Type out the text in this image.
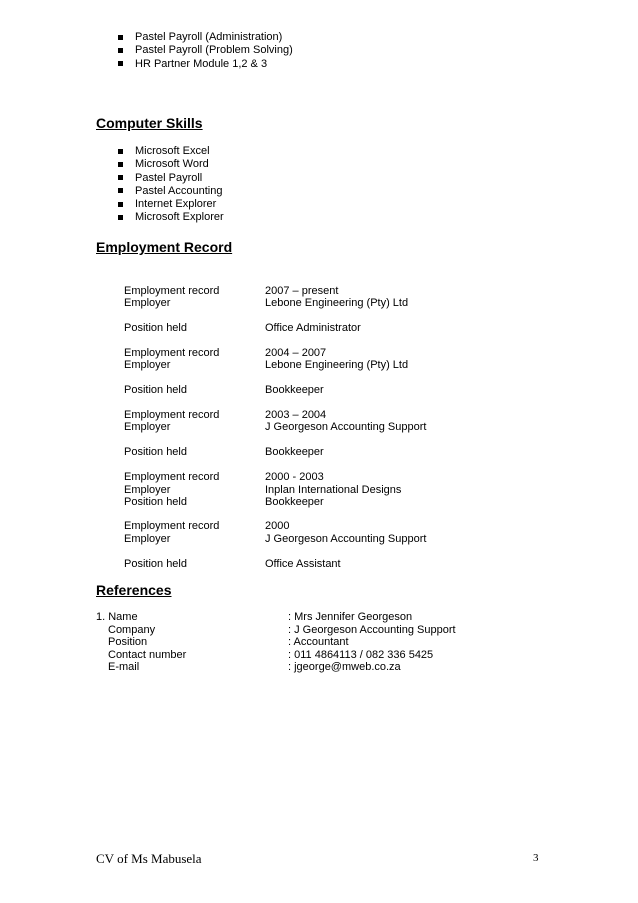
Pastel Payroll (Administration)
Pastel Payroll (Problem Solving)
HR Partner Module 1,2 & 3
Computer Skills
Microsoft Excel
Microsoft Word
Pastel Payroll
Pastel Accounting
Internet Explorer
Microsoft Explorer
Employment Record
Employment record	2007 – present
Employer	Lebone Engineering (Pty) Ltd
Position held	Office Administrator
Employment record	2004 – 2007
Employer	Lebone Engineering (Pty) Ltd
Position held	Bookkeeper
Employment record	2003 – 2004
Employer	J Georgeson Accounting Support
Position held	Bookkeeper
Employment record	2000 - 2003
Employer	Inplan International Designs
Position held	Bookkeeper
Employment record	2000
Employer	J Georgeson Accounting Support
Position held	Office Assistant
References
1. Name	: Mrs Jennifer Georgeson
Company	: J Georgeson Accounting Support
Position	: Accountant
Contact number	: 011 4864113 / 082 336 5425
E-mail	: jgeorge@mweb.co.za
CV of Ms Mabusela	3
